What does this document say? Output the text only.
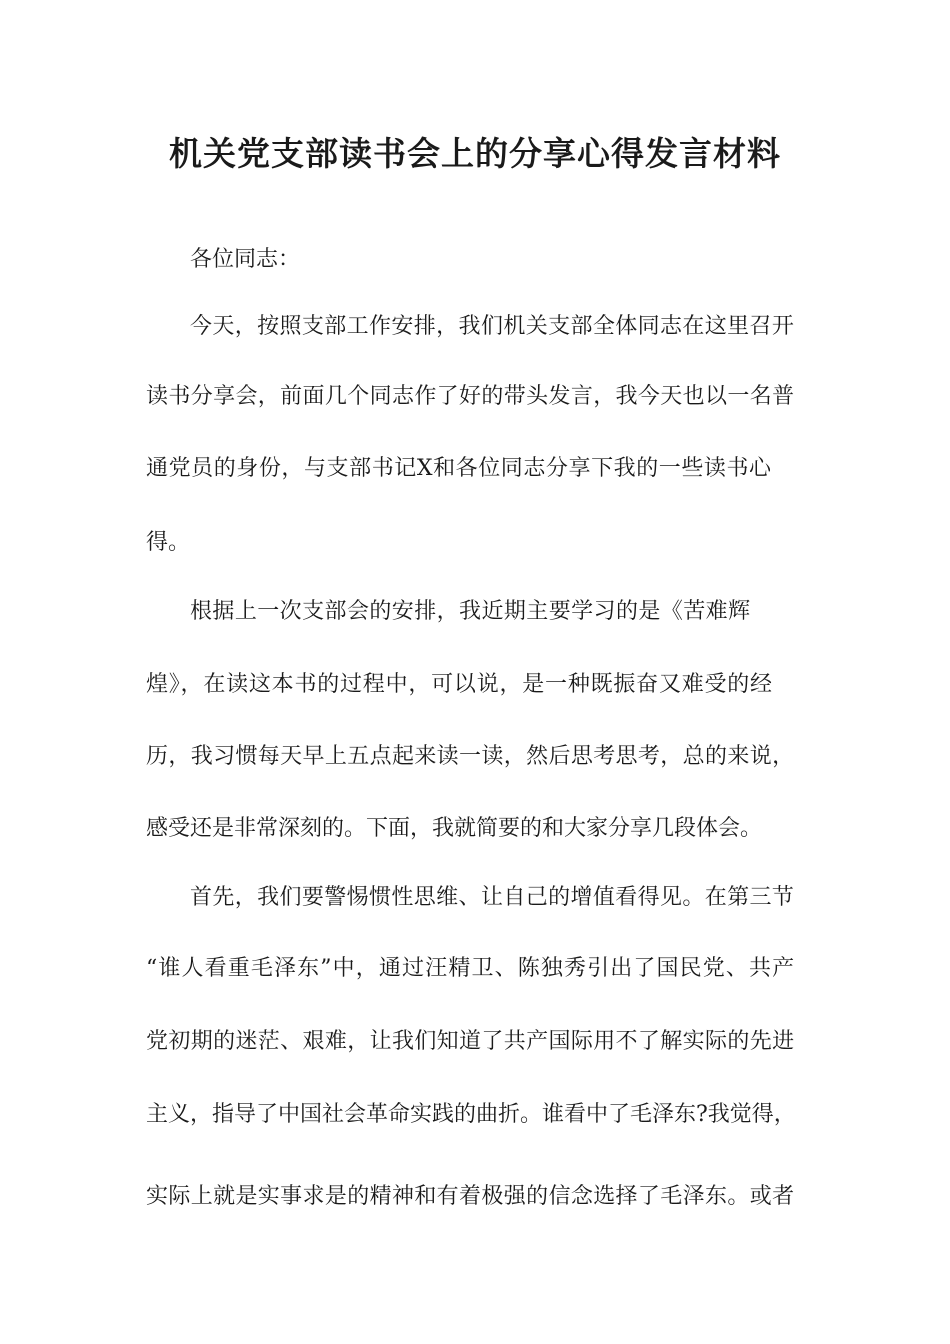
机关党支部读书会上的分享心得发言材料

各位同志：

今天，按照支部工作安排，我们机关支部全体同志在这里召开

读书分享会，前面几个同志作了好的带头发言，我今天也以一名普

通党员的身份，与支部书记X和各位同志分享下我的一些读书心

得。

根据上一次支部会的安排，我近期主要学习的是《苦难辉

煌》，在读这本书的过程中，可以说，是一种既振奋又难受的经

历，我习惯每天早上五点起来读一读，然后思考思考，总的来说，

感受还是非常深刻的。下面，我就简要的和大家分享几段体会。

首先，我们要警惕惯性思维、让自己的增值看得见。在第三节

“谁人看重毛泽东”中，通过汪精卫、陈独秀引出了国民党、共产

党初期的迷茫、艰难，让我们知道了共产国际用不了解实际的先进

主义，指导了中国社会革命实践的曲折。谁看中了毛泽东?我觉得，

实际上就是实事求是的精神和有着极强的信念选择了毛泽东。或者
